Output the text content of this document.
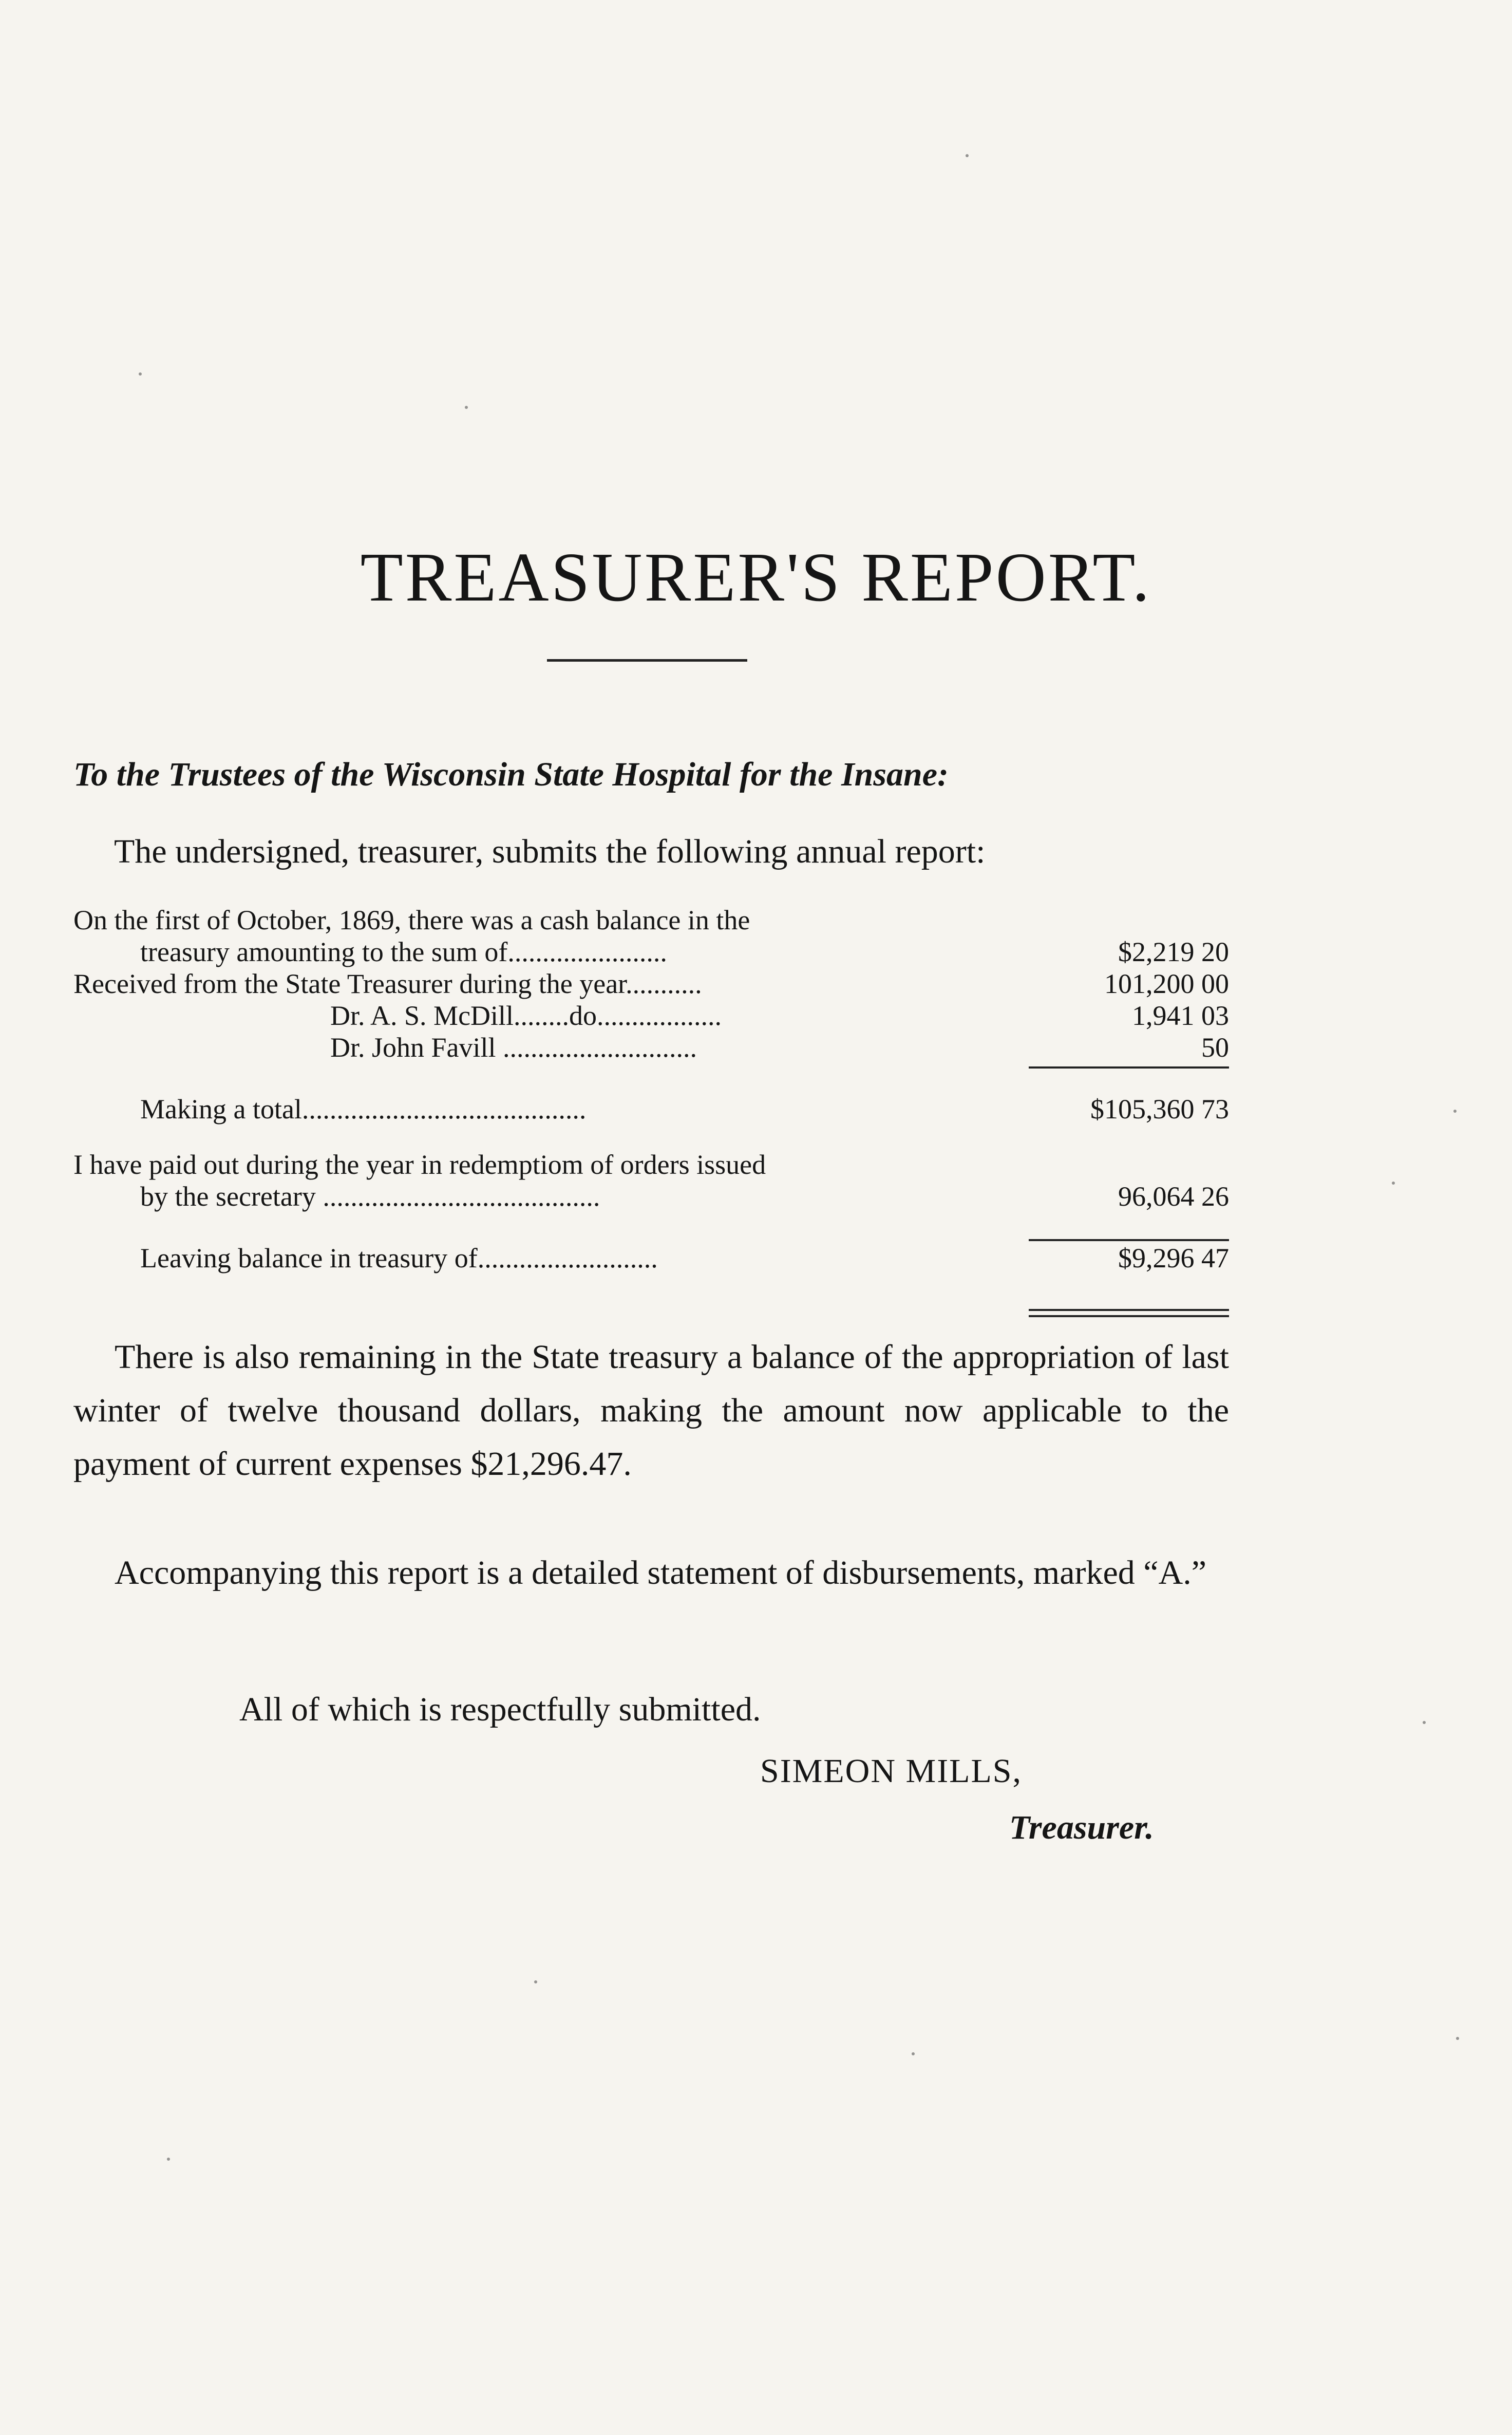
TREASURER'S REPORT.
To the Trustees of the Wisconsin State Hospital for the Insane:
The undersigned, treasurer, submits the following annual report:
On the first of October, 1869, there was a cash balance in the
treasury amounting to the sum of.......................	$2,219 20
Received from the State Treasurer during the year...........	101,200 00
Dr. A. S. McDill........do..................	1,941 03
Dr. John Favill ............................	50
Making a total.........................................	$105,360 73
I have paid out during the year in redemptiom of orders issued
by the secretary ........................................	96,064 26
Leaving balance in treasury of..........................	$9,296 47

There is also remaining in the State treasury a balance of the appropriation of last winter of twelve thousand dollars, making the amount now applicable to the payment of current expenses $21,296.47.

Accompanying this report is a detailed statement of disbursements, marked “A.”

All of which is respectfully submitted.
SIMEON MILLS,
Treasurer.
